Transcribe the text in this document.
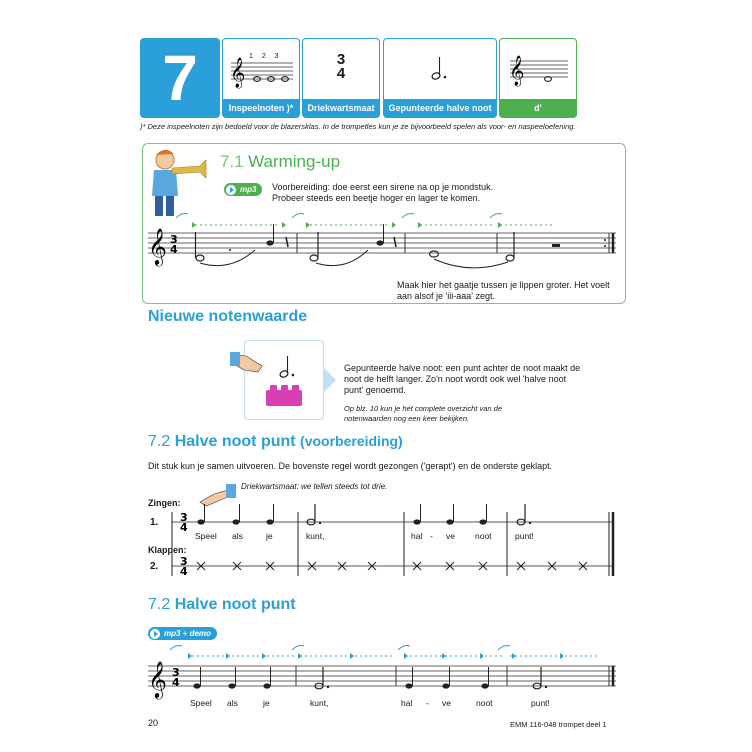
7	𝄞
1 2 3
Inspeelnoten )*
3
4
Driekwartsmaat	Gepunteerde halve noot
𝄞
d'
)* Deze inspeelnoten zijn bedoeld voor de blazersklas. In de trompetles kun je ze bijvoorbeeld spelen als voor- en naspeeloefening.
7.1 Warming-up
mp3	Voorbereiding: doe eerst een sirene na op je mondstuk.
Probeer steeds een beetje hoger en lager te komen.
𝄞 3
4
Maak hier het gaatje tussen je lippen groter. Het voelt
aan alsof je 'iii-aaa' zegt.
Nieuwe notenwaarde
Gepunteerde halve noot: een punt achter de noot maakt de
noot de helft langer. Zo'n noot wordt ook wel 'halve noot
punt' genoemd.
Op blz. 10 kun je het complete overzicht van de
notenwaarden nog een keer bekijken.
7.2 Halve noot punt (voorbereiding)
Dit stuk kun je samen uitvoeren. De bovenste regel wordt gezongen ('gerapt') en de onderste geklapt.
Driekwartsmaat: we tellen steeds tot drie.
Zingen:
1.
Klappen:
2.
3
4
3
4
Speel als	je	kunt,	hal - ve noot	punt!
7.2 Halve noot punt
mp3 + demo
𝄞 3
4
Speel als	je	kunt,	hal - ve	noot	punt!
20	EMM 116-048 trompet deel 1
